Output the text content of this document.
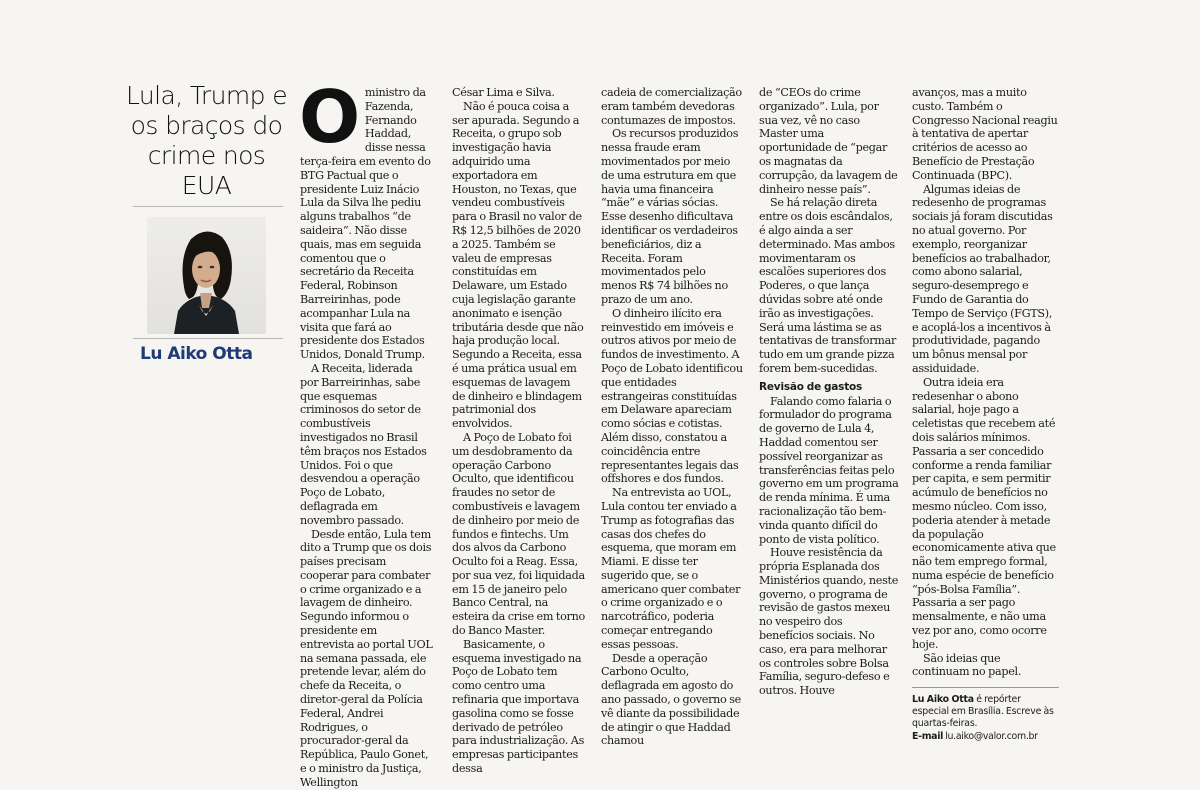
Lula, Trump e os braços do crime nos EUA
Lu Aiko Otta
O ministro da Fazenda, Fernando Haddad, disse nessa terça-feira em evento do BTG Pactual que o presidente Luiz Inácio Lula da Silva lhe pediu alguns trabalhos “de saideira”. Não disse quais, mas em seguida comentou que o secretário da Receita Federal, Robinson Barreirinhas, pode acompanhar Lula na visita que fará ao presidente dos Estados Unidos, Donald Trump.

A Receita, liderada por Barreirinhas, sabe que esquemas criminosos do setor de combustíveis investigados no Brasil têm braços nos Estados Unidos. Foi o que desvendou a operação Poço de Lobato, deflagrada em novembro passado.

Desde então, Lula tem dito a Trump que os dois países precisam cooperar para combater o crime organizado e a lavagem de dinheiro. Segundo informou o presidente em entrevista ao portal UOL na semana passada, ele pretende levar, além do chefe da Receita, o diretor-geral da Polícia Federal, Andrei Rodrigues, o procurador-geral da República, Paulo Gonet, e o ministro da Justiça, Wellington

César Lima e Silva.

Não é pouca coisa a ser apurada. Segundo a Receita, o grupo sob investigação havia adquirido uma exportadora em Houston, no Texas, que vendeu combustíveis para o Brasil no valor de R$ 12,5 bilhões de 2020 a 2025. Também se valeu de empresas constituídas em Delaware, um Estado cuja legislação garante anonimato e isenção tributária desde que não haja produção local. Segundo a Receita, essa é uma prática usual em esquemas de lavagem de dinheiro e blindagem patrimonial dos envolvidos.

A Poço de Lobato foi um desdobramento da operação Carbono Oculto, que identificou fraudes no setor de combustíveis e lavagem de dinheiro por meio de fundos e fintechs. Um dos alvos da Carbono Oculto foi a Reag. Essa, por sua vez, foi liquidada em 15 de janeiro pelo Banco Central, na esteira da crise em torno do Banco Master.

Basicamente, o esquema investigado na Poço de Lobato tem como centro uma refinaria que importava gasolina como se fosse derivado de petróleo para industrialização. As empresas participantes dessa

cadeia de comercialização eram também devedoras contumazes de impostos.

Os recursos produzidos nessa fraude eram movimentados por meio de uma estrutura em que havia uma financeira “mãe” e várias sócias. Esse desenho dificultava identificar os verdadeiros beneficiários, diz a Receita. Foram movimentados pelo menos R$ 74 bilhões no prazo de um ano.

O dinheiro ilícito era reinvestido em imóveis e outros ativos por meio de fundos de investimento. A Poço de Lobato identificou que entidades estrangeiras constituídas em Delaware apareciam como sócias e cotistas. Além disso, constatou a coincidência entre representantes legais das offshores e dos fundos.

Na entrevista ao UOL, Lula contou ter enviado a Trump as fotografias das casas dos chefes do esquema, que moram em Miami. E disse ter sugerido que, se o americano quer combater o crime organizado e o narcotráfico, poderia começar entregando essas pessoas.

Desde a operação Carbono Oculto, deflagrada em agosto do ano passado, o governo se vê diante da possibilidade de atingir o que Haddad chamou

de “CEOs do crime organizado”. Lula, por sua vez, vê no caso Master uma oportunidade de “pegar os magnatas da corrupção, da lavagem de dinheiro nesse país”.

Se há relação direta entre os dois escândalos, é algo ainda a ser determinado. Mas ambos movimentaram os escalões superiores dos Poderes, o que lança dúvidas sobre até onde irão as investigações. Será uma lástima se as tentativas de transformar tudo em um grande pizza forem bem-sucedidas.

Revisão de gastos

Falando como falaria o formulador do programa de governo de Lula 4, Haddad comentou ser possível reorganizar as transferências feitas pelo governo em um programa de renda mínima. É uma racionalização tão bem-vinda quanto difícil do ponto de vista político.

Houve resistência da própria Esplanada dos Ministérios quando, neste governo, o programa de revisão de gastos mexeu no vespeiro dos benefícios sociais. No caso, era para melhorar os controles sobre Bolsa Família, seguro-defeso e outros. Houve

avanços, mas a muito custo. Também o Congresso Nacional reagiu à tentativa de apertar critérios de acesso ao Benefício de Prestação Continuada (BPC).

Algumas ideias de redesenho de programas sociais já foram discutidas no atual governo. Por exemplo, reorganizar benefícios ao trabalhador, como abono salarial, seguro-desemprego e Fundo de Garantia do Tempo de Serviço (FGTS), e acoplá-los a incentivos à produtividade, pagando um bônus mensal por assiduidade.

Outra ideia era redesenhar o abono salarial, hoje pago a celetistas que recebem até dois salários mínimos. Passaria a ser concedido conforme a renda familiar per capita, e sem permitir acúmulo de benefícios no mesmo núcleo. Com isso, poderia atender à metade da população economicamente ativa que não tem emprego formal, numa espécie de benefício “pós-Bolsa Família”. Passaria a ser pago mensalmente, e não uma vez por ano, como ocorre hoje.

São ideias que continuam no papel.

Lu Aiko Otta é repórter especial em Brasília. Escreve às quartas-feiras.
E-mail lu.aiko@valor.com.br
